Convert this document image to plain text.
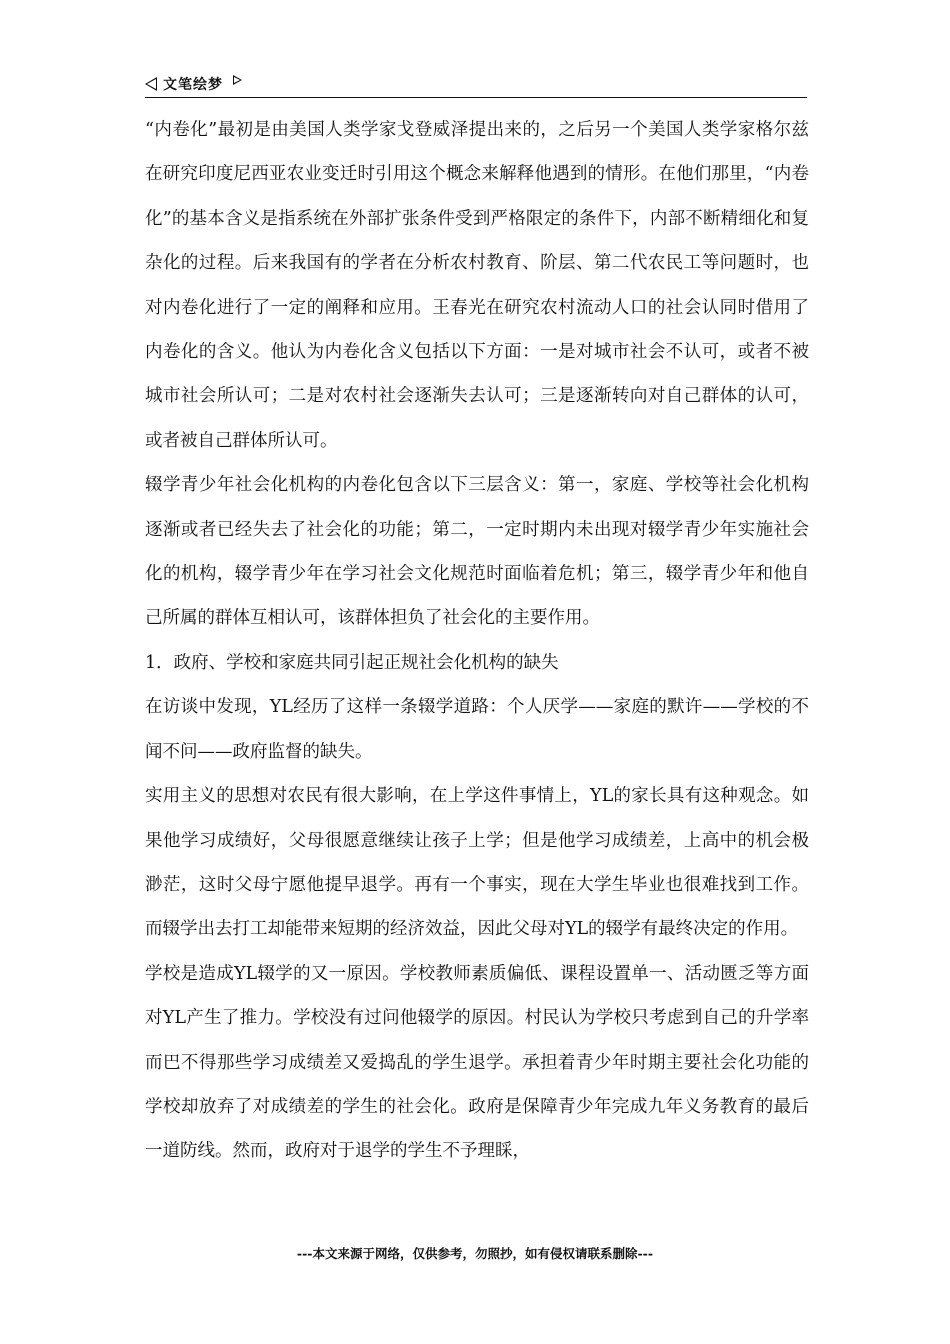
文笔绘梦

“内卷化”最初是由美国人类学家戈登威泽提出来的，之后另一个美国人类学家格尔兹在研究印度尼西亚农业变迁时引用这个概念来解释他遇到的情形。在他们那里，“内卷化”的基本含义是指系统在外部扩张条件受到严格限定的条件下，内部不断精细化和复杂化的过程。后来我国有的学者在分析农村教育、阶层、第二代农民工等问题时，也对内卷化进行了一定的阐释和应用。王春光在研究农村流动人口的社会认同时借用了内卷化的含义。他认为内卷化含义包括以下方面：一是对城市社会不认可，或者不被城市社会所认可；二是对农村社会逐渐失去认可；三是逐渐转向对自己群体的认可，或者被自己群体所认可。

辍学青少年社会化机构的内卷化包含以下三层含义：第一，家庭、学校等社会化机构逐渐或者已经失去了社会化的功能；第二，一定时期内未出现对辍学青少年实施社会化的机构，辍学青少年在学习社会文化规范时面临着危机；第三，辍学青少年和他自己所属的群体互相认可，该群体担负了社会化的主要作用。

1．政府、学校和家庭共同引起正规社会化机构的缺失

在访谈中发现，YL经历了这样一条辍学道路：个人厌学——家庭的默许——学校的不闻不问——政府监督的缺失。

实用主义的思想对农民有很大影响，在上学这件事情上，YL的家长具有这种观念。如果他学习成绩好，父母很愿意继续让孩子上学；但是他学习成绩差，上高中的机会极渺茫，这时父母宁愿他提早退学。再有一个事实，现在大学生毕业也很难找到工作。而辍学出去打工却能带来短期的经济效益，因此父母对YL的辍学有最终决定的作用。

学校是造成YL辍学的又一原因。学校教师素质偏低、课程设置单一、活动匮乏等方面对YL产生了推力。学校没有过问他辍学的原因。村民认为学校只考虑到自己的升学率而巴不得那些学习成绩差又爱捣乱的学生退学。承担着青少年时期主要社会化功能的学校却放弃了对成绩差的学生的社会化。政府是保障青少年完成九年义务教育的最后一道防线。然而，政府对于退学的学生不予理睬，

---本文来源于网络，仅供参考，勿照抄，如有侵权请联系删除---
